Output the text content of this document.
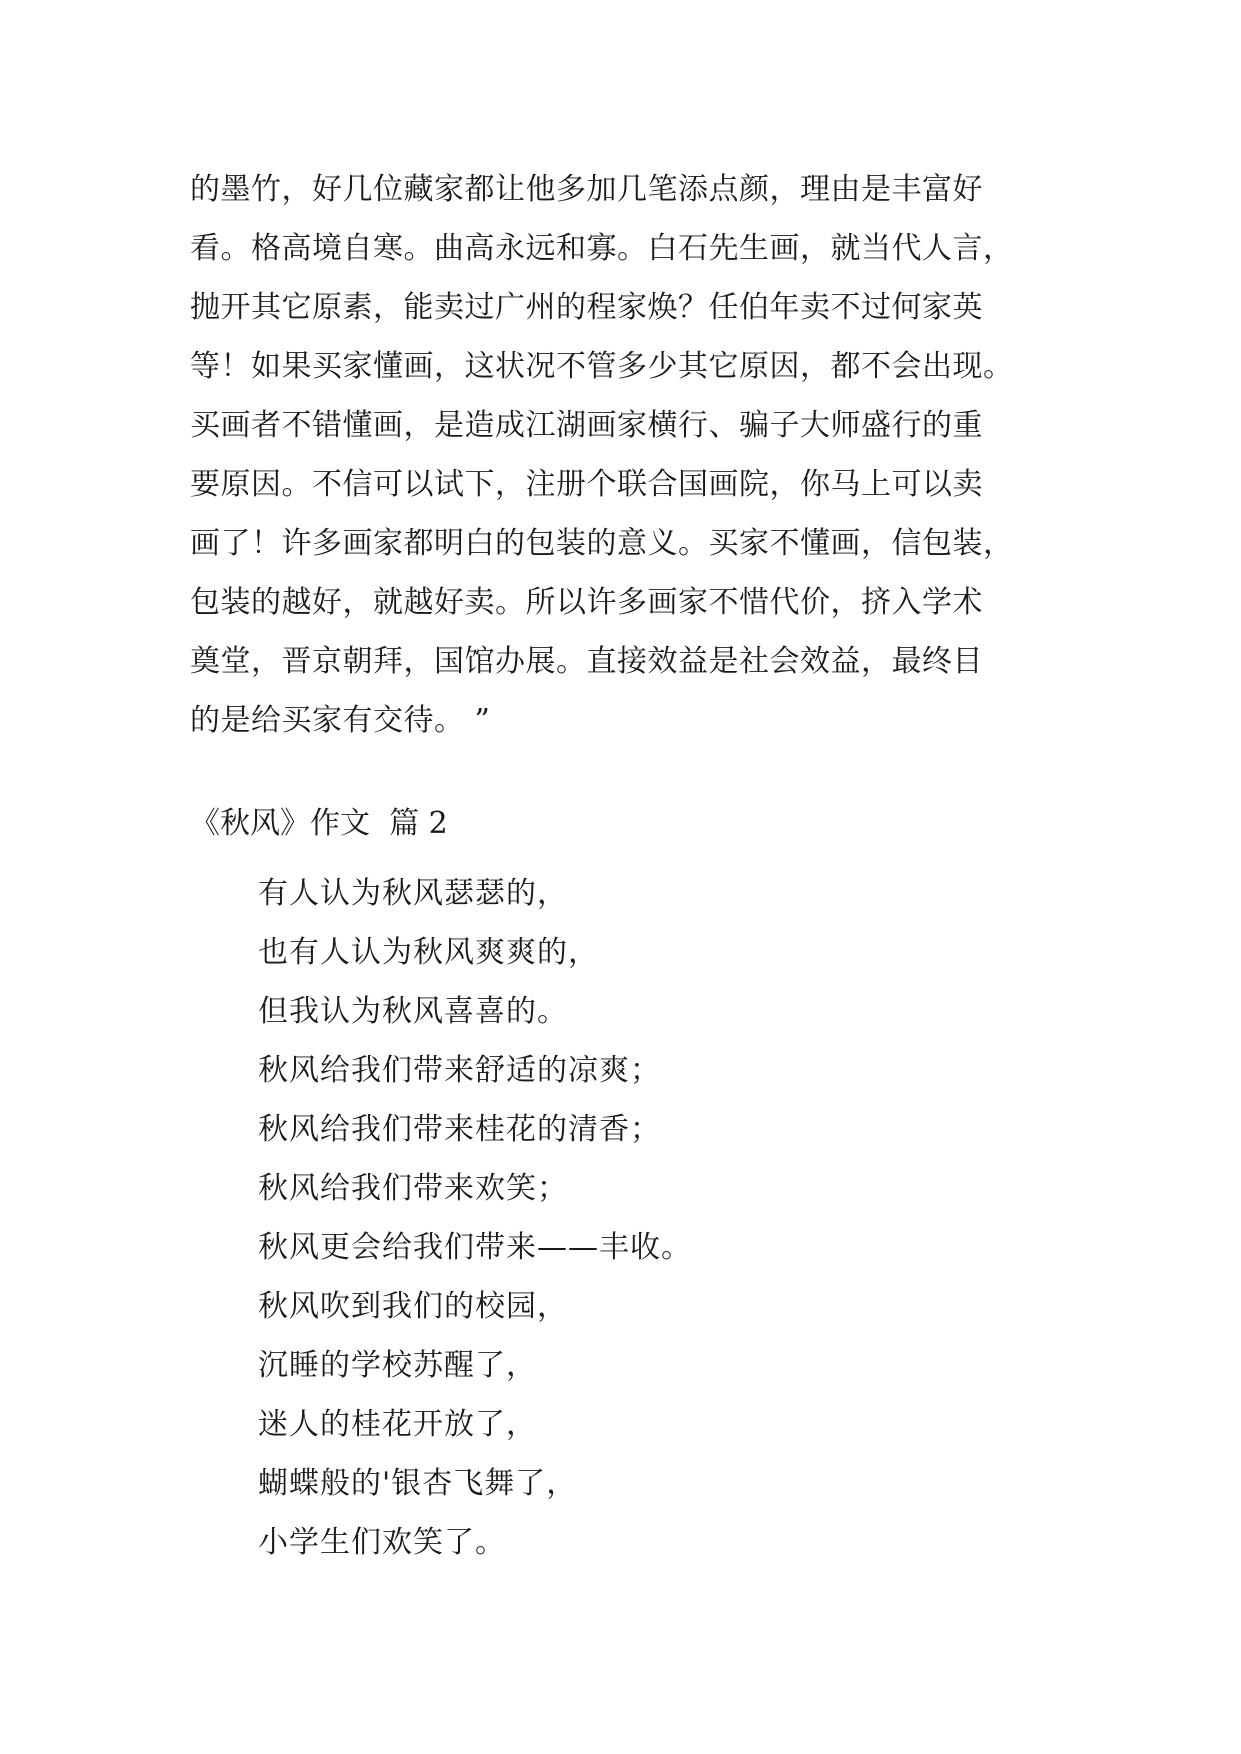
的墨竹，好几位藏家都让他多加几笔添点颜，理由是丰富好
看。格高境自寒。曲高永远和寡。白石先生画，就当代人言，
抛开其它原素，能卖过广州的程家焕？任伯年卖不过何家英
等！如果买家懂画，这状况不管多少其它原因，都不会出现。
买画者不错懂画，是造成江湖画家横行、骗子大师盛行的重
要原因。不信可以试下，注册个联合国画院，你马上可以卖
画了！许多画家都明白的包装的意义。买家不懂画，信包装，
包装的越好，就越好卖。所以许多画家不惜代价，挤入学术
奠堂，晋京朝拜，国馆办展。直接效益是社会效益，最终目
的是给买家有交待。 ”
《秋风》作文  篇 2
有人认为秋风瑟瑟的，
也有人认为秋风爽爽的，
但我认为秋风喜喜的。
秋风给我们带来舒适的凉爽；
秋风给我们带来桂花的清香；
秋风给我们带来欢笑；
秋风更会给我们带来——丰收。
秋风吹到我们的校园，
沉睡的学校苏醒了，
迷人的桂花开放了，
蝴蝶般的'银杏飞舞了，
小学生们欢笑了。
